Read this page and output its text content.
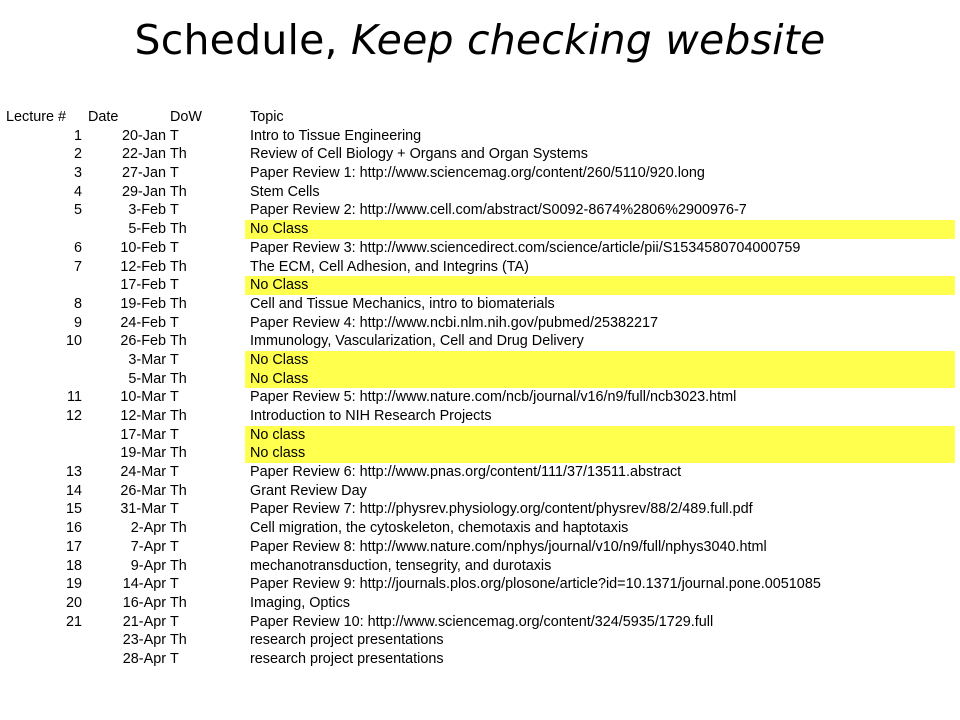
Schedule, Keep checking website
Lecture # Date	DoW	Topic
1	20-Jan T	Intro to Tissue Engineering
2	22-Jan Th	Review of Cell Biology + Organs and Organ Systems
3	27-Jan T	Paper Review 1: http://www.sciencemag.org/content/260/5110/920.long
4	29-Jan Th	Stem Cells
5	3-Feb T	Paper Review 2: http://www.cell.com/abstract/S0092-8674%2806%2900976-7
5-Feb Th	No Class
6	10-Feb T	Paper Review 3: http://www.sciencedirect.com/science/article/pii/S1534580704000759
7	12-Feb Th	The ECM, Cell Adhesion, and Integrins (TA)
17-Feb T	No Class
8	19-Feb Th	Cell and Tissue Mechanics, intro to biomaterials
9	24-Feb T	Paper Review 4: http://www.ncbi.nlm.nih.gov/pubmed/25382217
10	26-Feb Th	Immunology, Vascularization, Cell and Drug Delivery
3-Mar T	No Class
5-Mar Th	No Class
11	10-Mar T	Paper Review 5: http://www.nature.com/ncb/journal/v16/n9/full/ncb3023.html
12	12-Mar Th	Introduction to NIH Research Projects
17-Mar T	No class
19-Mar Th	No class
13	24-Mar T	Paper Review 6: http://www.pnas.org/content/111/37/13511.abstract
14	26-Mar Th	Grant Review Day
15	31-Mar T	Paper Review 7: http://physrev.physiology.org/content/physrev/88/2/489.full.pdf
16	2-Apr Th	Cell migration, the cytoskeleton, chemotaxis and haptotaxis
17	7-Apr T	Paper Review 8: http://www.nature.com/nphys/journal/v10/n9/full/nphys3040.html
18	9-Apr Th	mechanotransduction, tensegrity, and durotaxis
19	14-Apr T	Paper Review 9: http://journals.plos.org/plosone/article?id=10.1371/journal.pone.0051085
20	16-Apr Th	Imaging, Optics
21	21-Apr T	Paper Review 10: http://www.sciencemag.org/content/324/5935/1729.full
23-Apr Th	research project presentations
28-Apr T	research project presentations
